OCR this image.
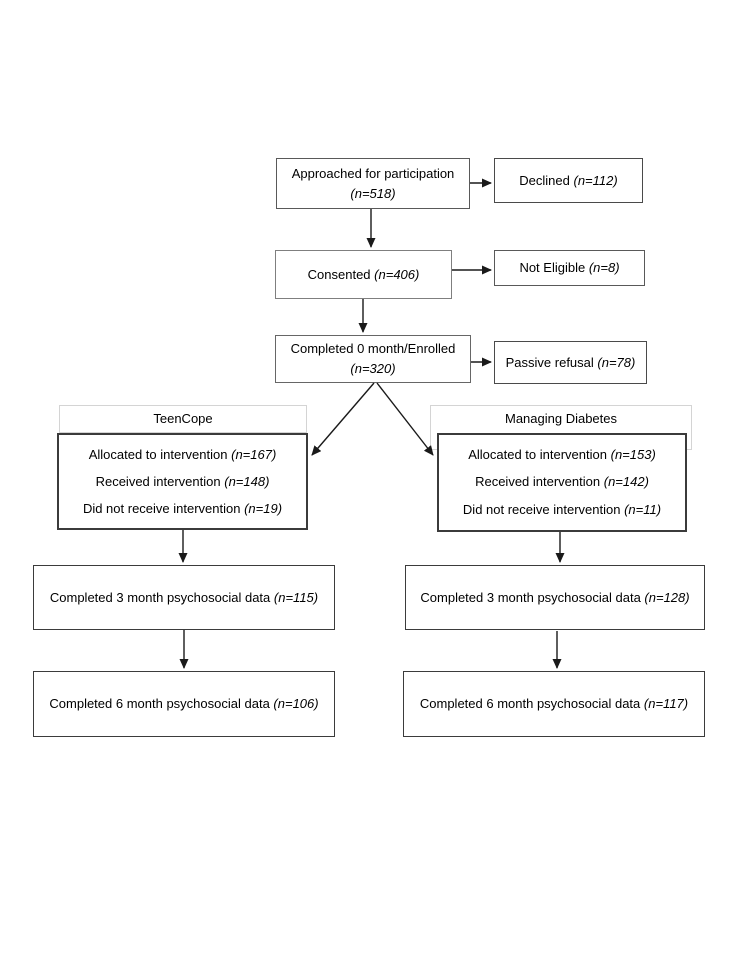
TeenCope	Managing Diabetes
Approached for participation
(n=518)
Declined (n=112)
Consented (n=406)	Not Eligible (n=8)
Completed 0 month/Enrolled
(n=320)	Passive refusal (n=78)
Allocated to intervention (n=167)
Received intervention (n=148)
Did not receive intervention (n=19)
Allocated to intervention (n=153)
Received intervention (n=142)
Did not receive intervention (n=11)
Completed 3 month psychosocial data (n=115)
Completed 6 month psychosocial data (n=106)
Completed 3 month psychosocial data (n=128)
Completed 6 month psychosocial data (n=117)
